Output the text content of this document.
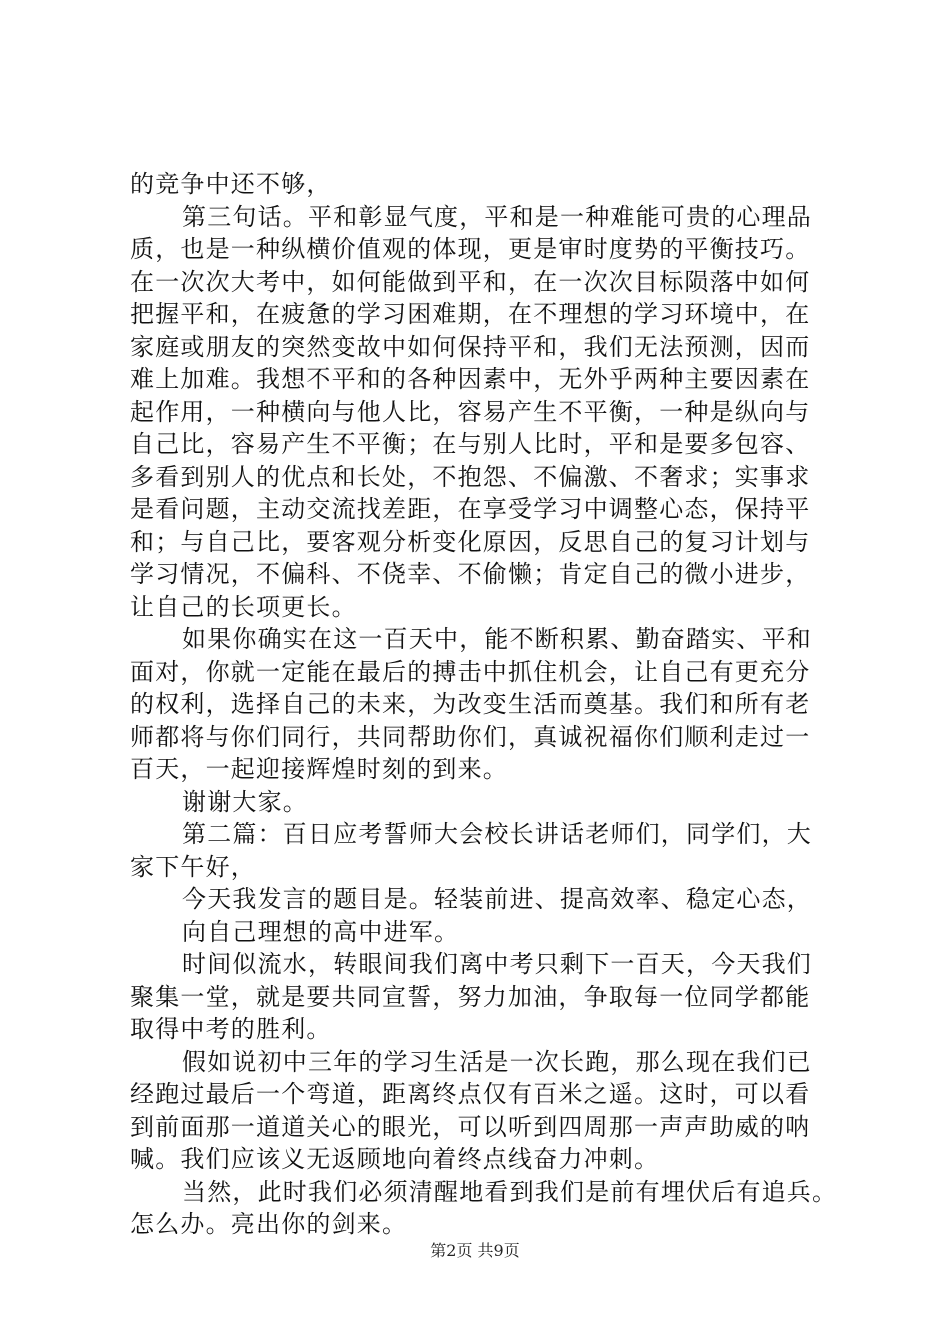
的竞争中还不够，
第三句话。平和彰显气度，平和是一种难能可贵的心理品
质，也是一种纵横价值观的体现，更是审时度势的平衡技巧。
在一次次大考中，如何能做到平和，在一次次目标陨落中如何
把握平和，在疲惫的学习困难期，在不理想的学习环境中，在
家庭或朋友的突然变故中如何保持平和，我们无法预测，因而
难上加难。我想不平和的各种因素中，无外乎两种主要因素在
起作用，一种横向与他人比，容易产生不平衡，一种是纵向与
自己比，容易产生不平衡；在与别人比时，平和是要多包容、
多看到别人的优点和长处，不抱怨、不偏激、不奢求；实事求
是看问题，主动交流找差距，在享受学习中调整心态，保持平
和；与自己比，要客观分析变化原因，反思自己的复习计划与
学习情况，不偏科、不侥幸、不偷懒；肯定自己的微小进步，
让自己的长项更长。
如果你确实在这一百天中，能不断积累、勤奋踏实、平和
面对，你就一定能在最后的搏击中抓住机会，让自己有更充分
的权利，选择自己的未来，为改变生活而奠基。我们和所有老
师都将与你们同行，共同帮助你们，真诚祝福你们顺利走过一
百天，一起迎接辉煌时刻的到来。
谢谢大家。
第二篇：百日应考誓师大会校长讲话老师们，同学们，大
家下午好，
今天我发言的题目是。轻装前进、提高效率、稳定心态，
向自己理想的高中进军。
时间似流水，转眼间我们离中考只剩下一百天，今天我们
聚集一堂，就是要共同宣誓，努力加油，争取每一位同学都能
取得中考的胜利。
假如说初中三年的学习生活是一次长跑，那么现在我们已
经跑过最后一个弯道，距离终点仅有百米之遥。这时，可以看
到前面那一道道关心的眼光，可以听到四周那一声声助威的呐
喊。我们应该义无返顾地向着终点线奋力冲刺。
当然，此时我们必须清醒地看到我们是前有埋伏后有追兵。
怎么办。亮出你的剑来。
第2页 共9页
